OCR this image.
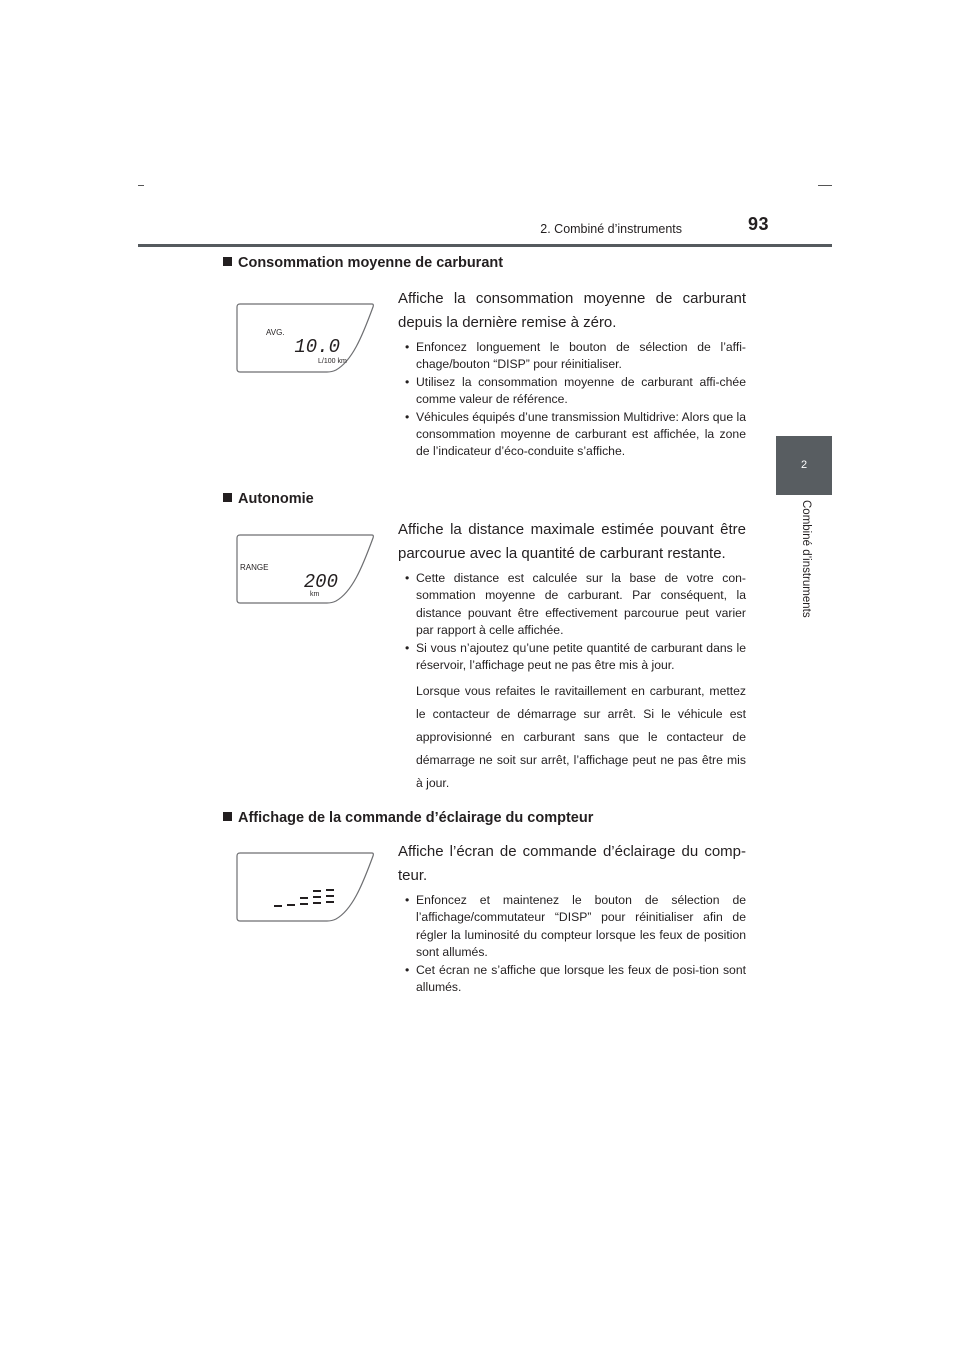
2. Combiné d’instruments	93
2
Combiné d’instruments
Consommation moyenne de carburant
AVG.
10.0
L/100 km

Affiche la consommation moyenne de carburant depuis la dernière remise à zéro.

• Enfoncez longuement le bouton de sélection de l’affi-chage/bouton “DISP” pour réinitialiser.
• Utilisez la consommation moyenne de carburant affi-chée comme valeur de référence.
• Véhicules équipés d’une transmission Multidrive: Alors que la consommation moyenne de carburant est affichée, la zone de l’indicateur d’éco-conduite s’affiche.
Autonomie
RANGE
200
km

Affiche la distance maximale estimée pouvant être parcourue avec la quantité de carburant restante.

• Cette distance est calculée sur la base de votre con-sommation moyenne de carburant. Par conséquent, la distance pouvant être effectivement parcourue peut varier par rapport à celle affichée.
• Si vous n’ajoutez qu’une petite quantité de carburant dans le réservoir, l’affichage peut ne pas être mis à jour.

Lorsque vous refaites le ravitaillement en carburant, mettez le contacteur de démarrage sur arrêt. Si le véhicule est approvisionné en carburant sans que le contacteur de démarrage ne soit sur arrêt, l’affichage peut ne pas être mis à jour.

Affichage de la commande d’éclairage du compteur

Affiche l’écran de commande d’éclairage du comp-teur.

• Enfoncez et maintenez le bouton de sélection de l’affichage/commutateur “DISP” pour réinitialiser afin de régler la luminosité du compteur lorsque les feux de position sont allumés.
• Cet écran ne s’affiche que lorsque les feux de posi-tion sont allumés.
